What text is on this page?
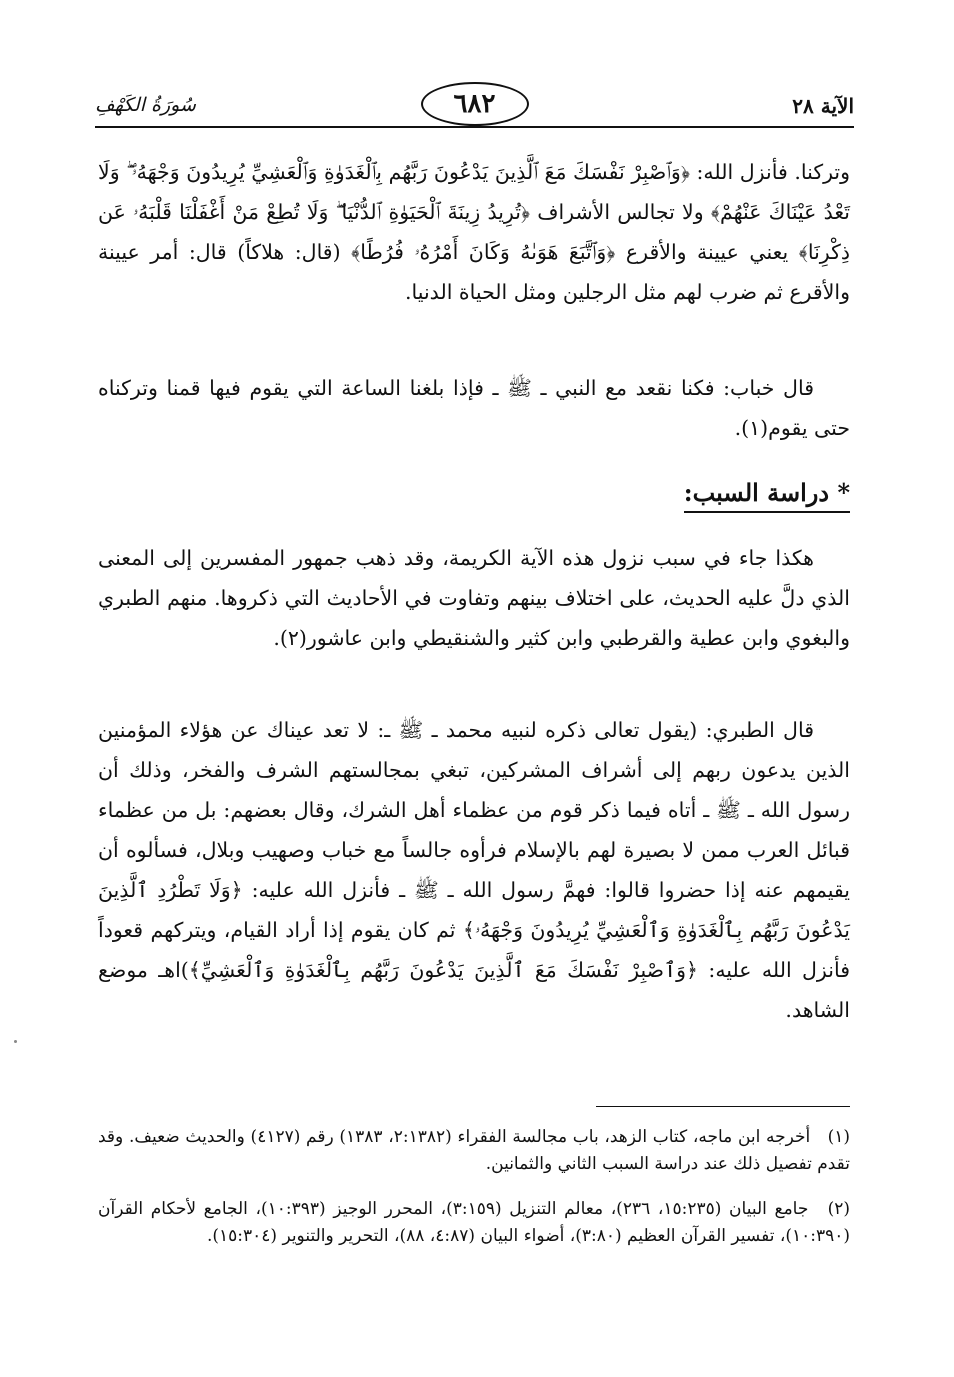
الآية ٢٨
٦٨٢
سُورَةُ الكَهْفِ

وتركنا. فأنزل الله: ﴿وَٱصْبِرْ نَفْسَكَ مَعَ ٱلَّذِينَ يَدْعُونَ رَبَّهُم بِٱلْغَدَوٰةِ وَٱلْعَشِيِّ يُرِيدُونَ وَجْهَهُۥ ۖ وَلَا تَعْدُ عَيْنَاكَ عَنْهُمْ﴾ ولا تجالس الأشراف ﴿تُرِيدُ زِينَةَ ٱلْحَيَوٰةِ ٱلدُّنْيَا ۖ وَلَا تُطِعْ مَنْ أَغْفَلْنَا قَلْبَهُۥ عَن ذِكْرِنَا﴾ يعني عيينة والأقرع ﴿وَٱتَّبَعَ هَوَىٰهُ وَكَانَ أَمْرُهُۥ فُرُطًا﴾ (قال: هلاكاً) قال: أمر عيينة والأقرع ثم ضرب لهم مثل الرجلين ومثل الحياة الدنيا.

قال خباب: فكنا نقعد مع النبي ـ ﷺ ـ فإذا بلغنا الساعة التي يقوم فيها قمنا وتركناه حتى يقوم(١).

* دراسة السبب:

هكذا جاء في سبب نزول هذه الآية الكريمة، وقد ذهب جمهور المفسرين إلى المعنى الذي دلَّ عليه الحديث، على اختلاف بينهم وتفاوت في الأحاديث التي ذكروها. منهم الطبري والبغوي وابن عطية والقرطبي وابن كثير والشنقيطي وابن عاشور(٢).

قال الطبري: (يقول تعالى ذكره لنبيه محمد ـ ﷺ ـ: لا تعد عيناك عن هؤلاء المؤمنين الذين يدعون ربهم إلى أشراف المشركين، تبغي بمجالستهم الشرف والفخر، وذلك أن رسول الله ـ ﷺ ـ أتاه فيما ذكر قوم من عظماء أهل الشرك، وقال بعضهم: بل من عظماء قبائل العرب ممن لا بصيرة لهم بالإسلام فرأوه جالساً مع خباب وصهيب وبلال، فسألوه أن يقيمهم عنه إذا حضروا قالوا: فهمَّ رسول الله ـ ﷺ ـ فأنزل الله عليه: ﴿وَلَا تَطْرُدِ ٱلَّذِينَ يَدْعُونَ رَبَّهُم بِٱلْغَدَوٰةِ وَٱلْعَشِيِّ يُرِيدُونَ وَجْهَهُۥ﴾ ثم كان يقوم إذا أراد القيام، ويتركهم قعوداً فأنزل الله عليه: ﴿وَٱصْبِرْ نَفْسَكَ مَعَ ٱلَّذِينَ يَدْعُونَ رَبَّهُم بِٱلْغَدَوٰةِ وَٱلْعَشِيِّ﴾)اهـ موضع الشاهد.

(١) أخرجه ابن ماجه، كتاب الزهد، باب مجالسة الفقراء (٢:١٣٨٢، ١٣٨٣) رقم (٤١٢٧) والحديث ضعيف. وقد تقدم تفصيل ذلك عند دراسة السبب الثاني والثمانين.
(٢) جامع البيان (١٥:٢٣٥، ٢٣٦)، معالم التنزيل (٣:١٥٩)، المحرر الوجيز (١٠:٣٩٣)، الجامع لأحكام القرآن (١٠:٣٩٠)، تفسير القرآن العظيم (٣:٨٠)، أضواء البيان (٤:٨٧، ٨٨)، التحرير والتنوير (١٥:٣٠٤).
